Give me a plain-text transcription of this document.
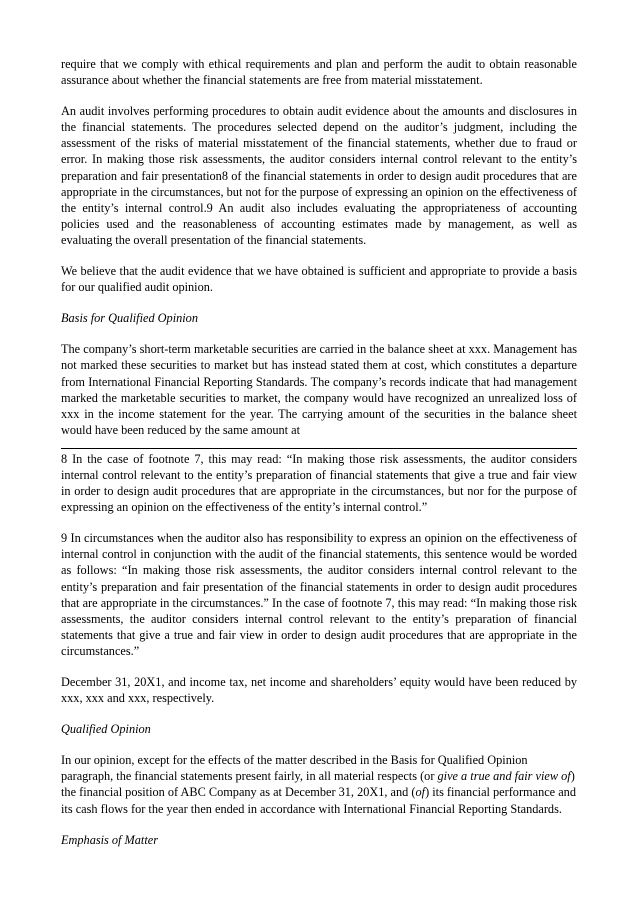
require that we comply with ethical requirements and plan and perform the audit to obtain reasonable assurance about whether the financial statements are free from material misstatement.

An audit involves performing procedures to obtain audit evidence about the amounts and disclosures in the financial statements. The procedures selected depend on the auditor’s judgment, including the assessment of the risks of material misstatement of the financial statements, whether due to fraud or error. In making those risk assessments, the auditor considers internal control relevant to the entity’s preparation and fair presentation8 of the financial statements in order to design audit procedures that are appropriate in the circumstances, but not for the purpose of expressing an opinion on the effectiveness of the entity’s internal control.9 An audit also includes evaluating the appropriateness of accounting policies used and the reasonableness of accounting estimates made by management, as well as evaluating the overall presentation of the financial statements.

We believe that the audit evidence that we have obtained is sufficient and appropriate to provide a basis for our qualified audit opinion.

Basis for Qualified Opinion

The company’s short-term marketable securities are carried in the balance sheet at xxx. Management has not marked these securities to market but has instead stated them at cost, which constitutes a departure from International Financial Reporting Standards. The company’s records indicate that had management marked the marketable securities to market, the company would have recognized an unrealized loss of xxx in the income statement for the year. The carrying amount of the securities in the balance sheet would have been reduced by the same amount at

8 In the case of footnote 7, this may read: “In making those risk assessments, the auditor considers internal control relevant to the entity’s preparation of financial statements that give a true and fair view in order to design audit procedures that are appropriate in the circumstances, but nor for the purpose of expressing an opinion on the effectiveness of the entity’s internal control.”

9 In circumstances when the auditor also has responsibility to express an opinion on the effectiveness of internal control in conjunction with the audit of the financial statements, this sentence would be worded as follows: “In making those risk assessments, the auditor considers internal control relevant to the entity’s preparation and fair presentation of the financial statements in order to design audit procedures that are appropriate in the circumstances.” In the case of footnote 7, this may read: “In making those risk assessments, the auditor considers internal control relevant to the entity’s preparation of financial statements that give a true and fair view in order to design audit procedures that are appropriate in the circumstances.”

December 31, 20X1, and income tax, net income and shareholders’ equity would have been reduced by xxx, xxx and xxx, respectively.

Qualified Opinion

In our opinion, except for the effects of the matter described in the Basis for Qualified Opinion paragraph, the financial statements present fairly, in all material respects (or give a true and fair view of) the financial position of ABC Company as at December 31, 20X1, and (of) its financial performance and its cash flows for the year then ended in accordance with International Financial Reporting Standards.

Emphasis of Matter
